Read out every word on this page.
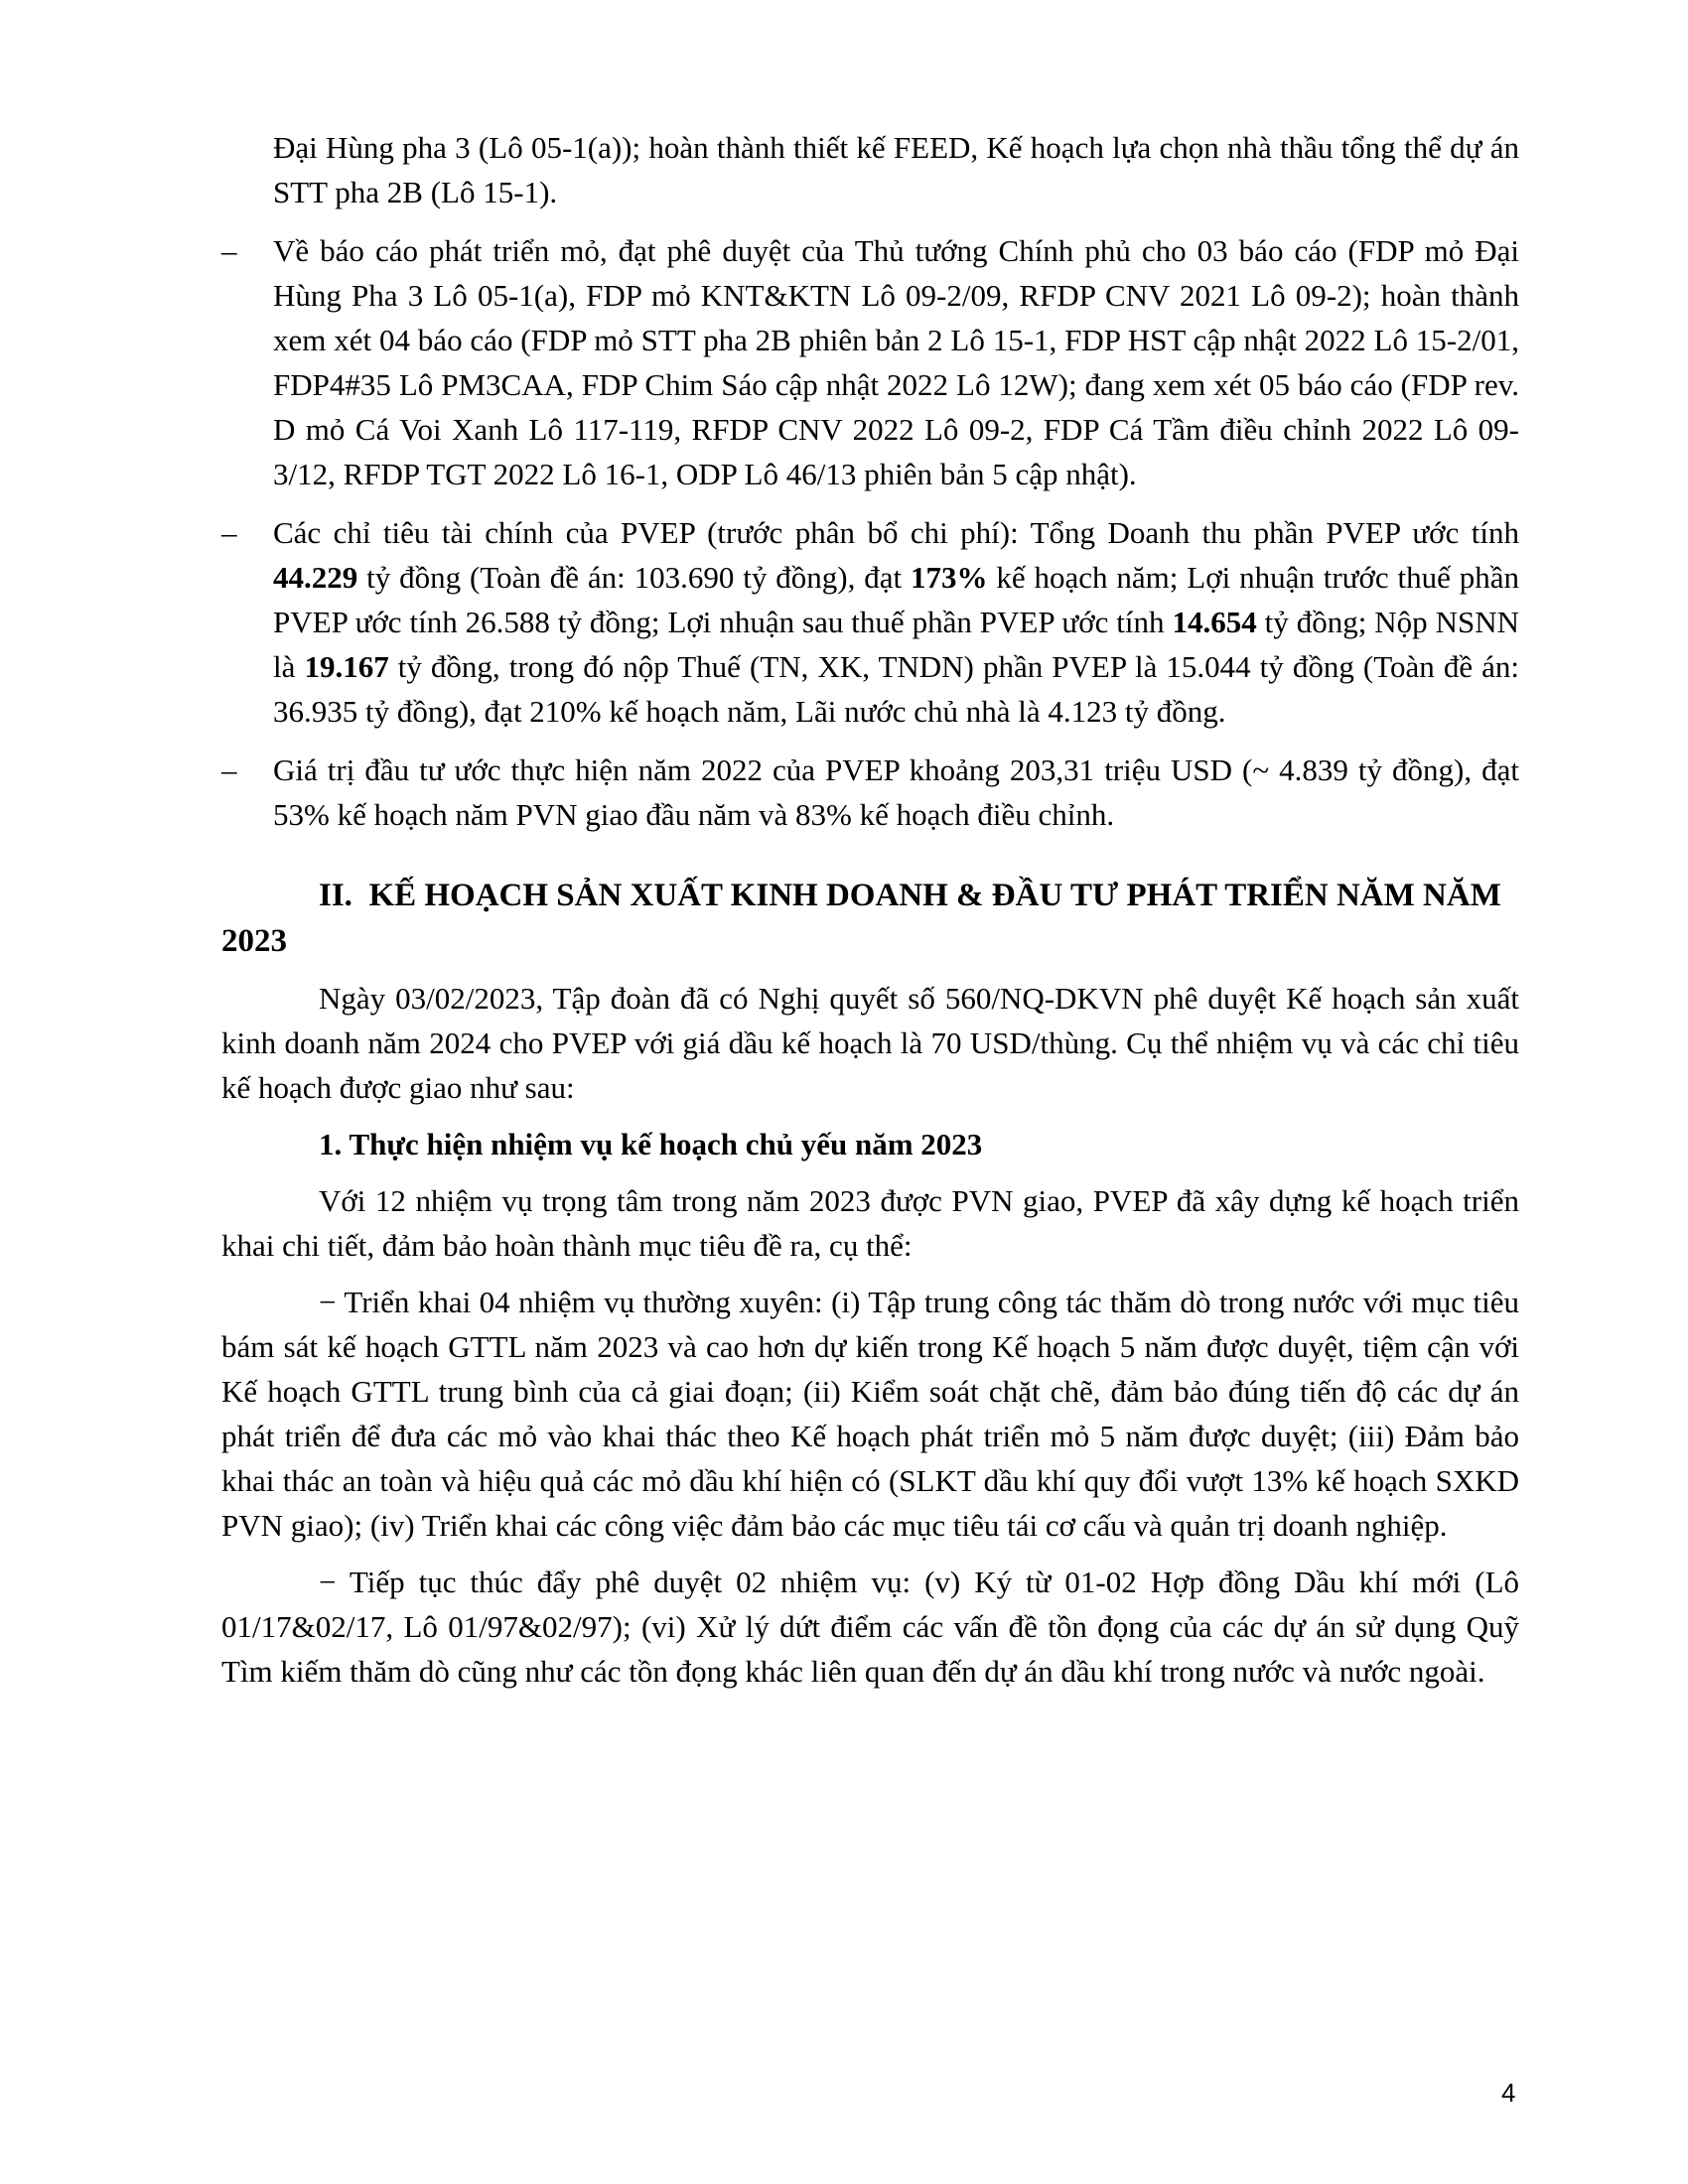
Đại Hùng pha 3 (Lô 05-1(a)); hoàn thành thiết kế FEED, Kế hoạch lựa chọn nhà thầu tổng thể dự án STT pha 2B (Lô 15-1).

– Về báo cáo phát triển mỏ, đạt phê duyệt của Thủ tướng Chính phủ cho 03 báo cáo (FDP mỏ Đại Hùng Pha 3 Lô 05-1(a), FDP mỏ KNT&KTN Lô 09-2/09, RFDP CNV 2021 Lô 09-2); hoàn thành xem xét 04 báo cáo (FDP mỏ STT pha 2B phiên bản 2 Lô 15-1, FDP HST cập nhật 2022 Lô 15-2/01, FDP4#35 Lô PM3CAA, FDP Chim Sáo cập nhật 2022 Lô 12W); đang xem xét 05 báo cáo (FDP rev. D mỏ Cá Voi Xanh Lô 117-119, RFDP CNV 2022 Lô 09-2, FDP Cá Tầm điều chỉnh 2022 Lô 09-3/12, RFDP TGT 2022 Lô 16-1, ODP Lô 46/13 phiên bản 5 cập nhật).

– Các chỉ tiêu tài chính của PVEP (trước phân bổ chi phí): Tổng Doanh thu phần PVEP ước tính 44.229 tỷ đồng (Toàn đề án: 103.690 tỷ đồng), đạt 173% kế hoạch năm; Lợi nhuận trước thuế phần PVEP ước tính 26.588 tỷ đồng; Lợi nhuận sau thuế phần PVEP ước tính 14.654 tỷ đồng; Nộp NSNN là 19.167 tỷ đồng, trong đó nộp Thuế (TN, XK, TNDN) phần PVEP là 15.044 tỷ đồng (Toàn đề án: 36.935 tỷ đồng), đạt 210% kế hoạch năm, Lãi nước chủ nhà là 4.123 tỷ đồng.

– Giá trị đầu tư ước thực hiện năm 2022 của PVEP khoảng 203,31 triệu USD (~ 4.839 tỷ đồng), đạt 53% kế hoạch năm PVN giao đầu năm và 83% kế hoạch điều chỉnh.

II. KẾ HOẠCH SẢN XUẤT KINH DOANH & ĐẦU TƯ PHÁT TRIỂN NĂM NĂM 2023

Ngày 03/02/2023, Tập đoàn đã có Nghị quyết số 560/NQ-DKVN phê duyệt Kế hoạch sản xuất kinh doanh năm 2024 cho PVEP với giá dầu kế hoạch là 70 USD/thùng. Cụ thể nhiệm vụ và các chỉ tiêu kế hoạch được giao như sau:

1. Thực hiện nhiệm vụ kế hoạch chủ yếu năm 2023

Với 12 nhiệm vụ trọng tâm trong năm 2023 được PVN giao, PVEP đã xây dựng kế hoạch triển khai chi tiết, đảm bảo hoàn thành mục tiêu đề ra, cụ thể:

− Triển khai 04 nhiệm vụ thường xuyên: (i) Tập trung công tác thăm dò trong nước với mục tiêu bám sát kế hoạch GTTL năm 2023 và cao hơn dự kiến trong Kế hoạch 5 năm được duyệt, tiệm cận với Kế hoạch GTTL trung bình của cả giai đoạn; (ii) Kiểm soát chặt chẽ, đảm bảo đúng tiến độ các dự án phát triển để đưa các mỏ vào khai thác theo Kế hoạch phát triển mỏ 5 năm được duyệt; (iii) Đảm bảo khai thác an toàn và hiệu quả các mỏ dầu khí hiện có (SLKT dầu khí quy đổi vượt 13% kế hoạch SXKD PVN giao); (iv) Triển khai các công việc đảm bảo các mục tiêu tái cơ cấu và quản trị doanh nghiệp.

− Tiếp tục thúc đẩy phê duyệt 02 nhiệm vụ: (v) Ký từ 01-02 Hợp đồng Dầu khí mới (Lô 01/17&02/17, Lô 01/97&02/97); (vi) Xử lý dứt điểm các vấn đề tồn đọng của các dự án sử dụng Quỹ Tìm kiếm thăm dò cũng như các tồn đọng khác liên quan đến dự án dầu khí trong nước và nước ngoài.

4
